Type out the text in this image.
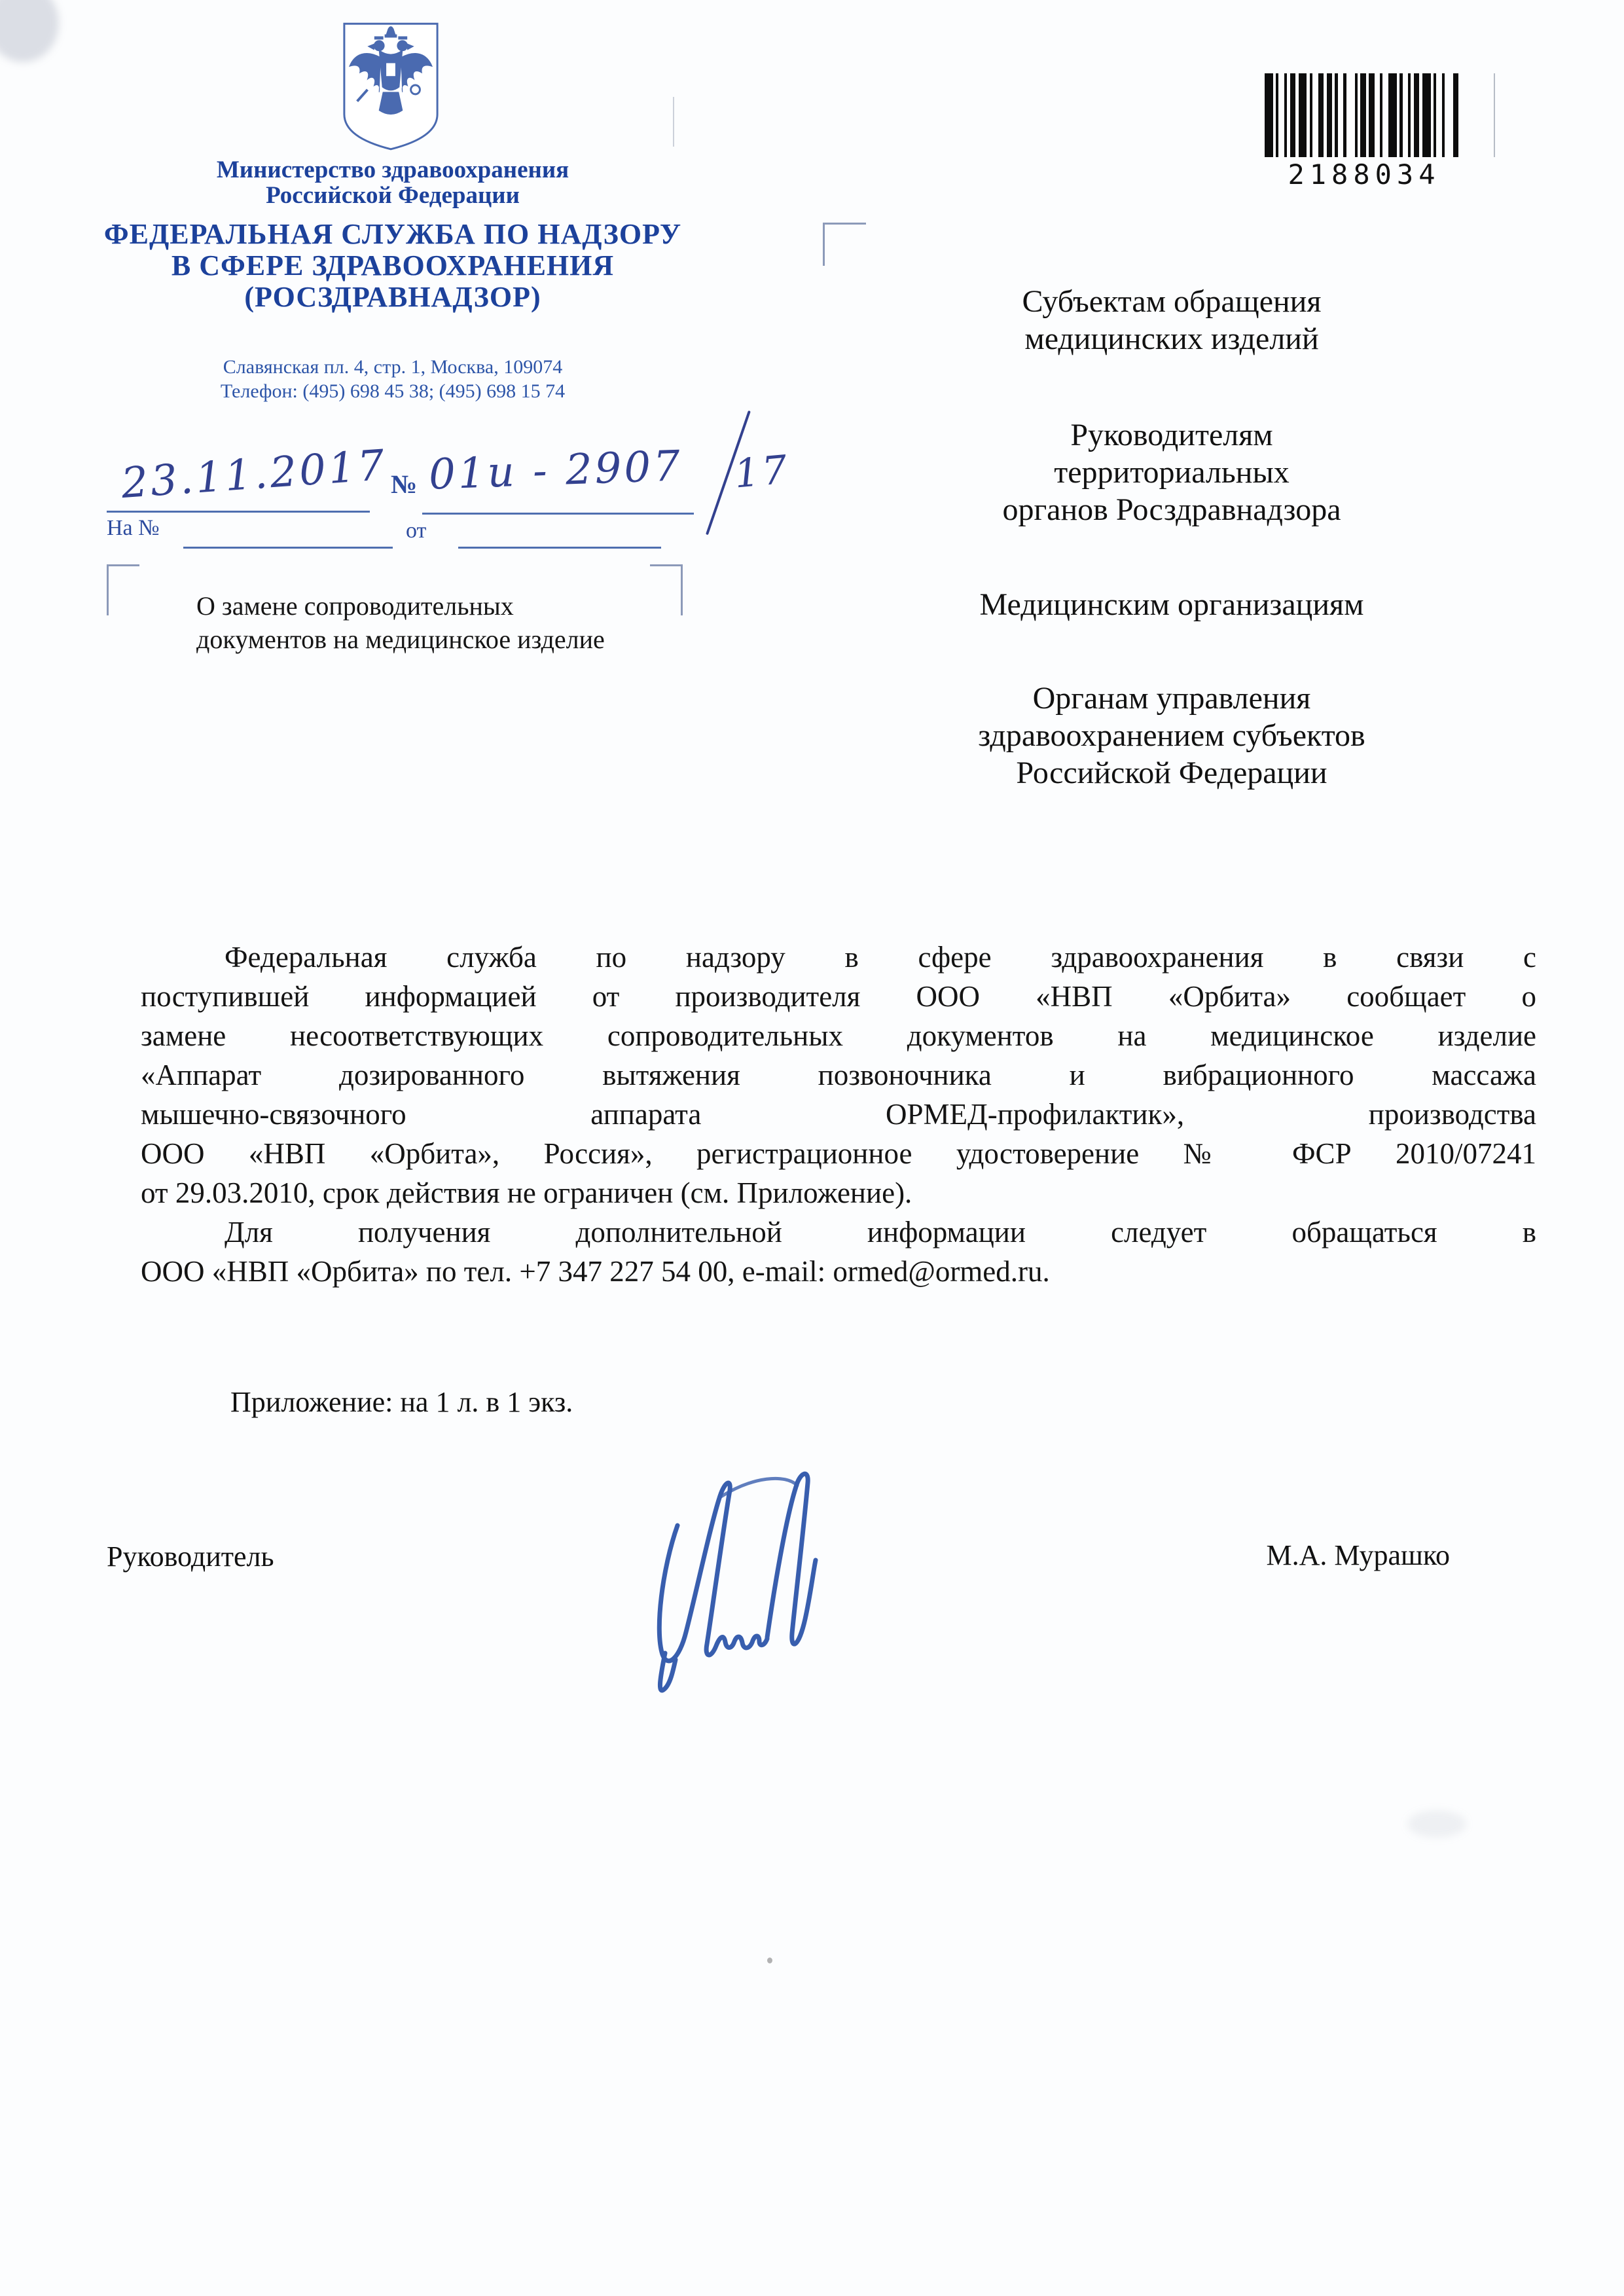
Министерство здравоохранения
Российской Федерации
ФЕДЕРАЛЬНАЯ СЛУЖБА ПО НАДЗОРУ
В СФЕРЕ ЗДРАВООХРАНЕНИЯ
(РОСЗДРАВНАДЗОР)
Славянская пл. 4, стр. 1, Москва, 109074
Телефон: (495) 698 45 38; (495) 698 15 74
23.11.2017 № 01и - 2907 17
На №	от
О замене сопроводительных
документов на медицинское изделие
2188034
Субъектам обращения
медицинских изделий
Руководителям
территориальных
органов Росздравнадзора
Медицинским организациям
Органам управления
здравоохранением субъектов
Российской Федерации
Федеральная служба по надзору в сфере здравоохранения в связи с
поступившей информацией от производителя ООО «НВП «Орбита» сообщает о
замене несоответствующих сопроводительных документов на медицинское изделие
«Аппарат дозированного вытяжения позвоночника и вибрационного массажа
мышечно-связочного аппарата ОРМЕД-профилактик», производства
ООО «НВП «Орбита», Россия», регистрационное удостоверение № ФСР 2010/07241
от 29.03.2010, срок действия не ограничен (см. Приложение).
Для получения дополнительной информации следует обращаться в
ООО «НВП «Орбита» по тел. +7 347 227 54 00, e-mail: ormed@ormed.ru.
Приложение: на 1 л. в 1 экз.
Руководитель	М.А. Мурашко
